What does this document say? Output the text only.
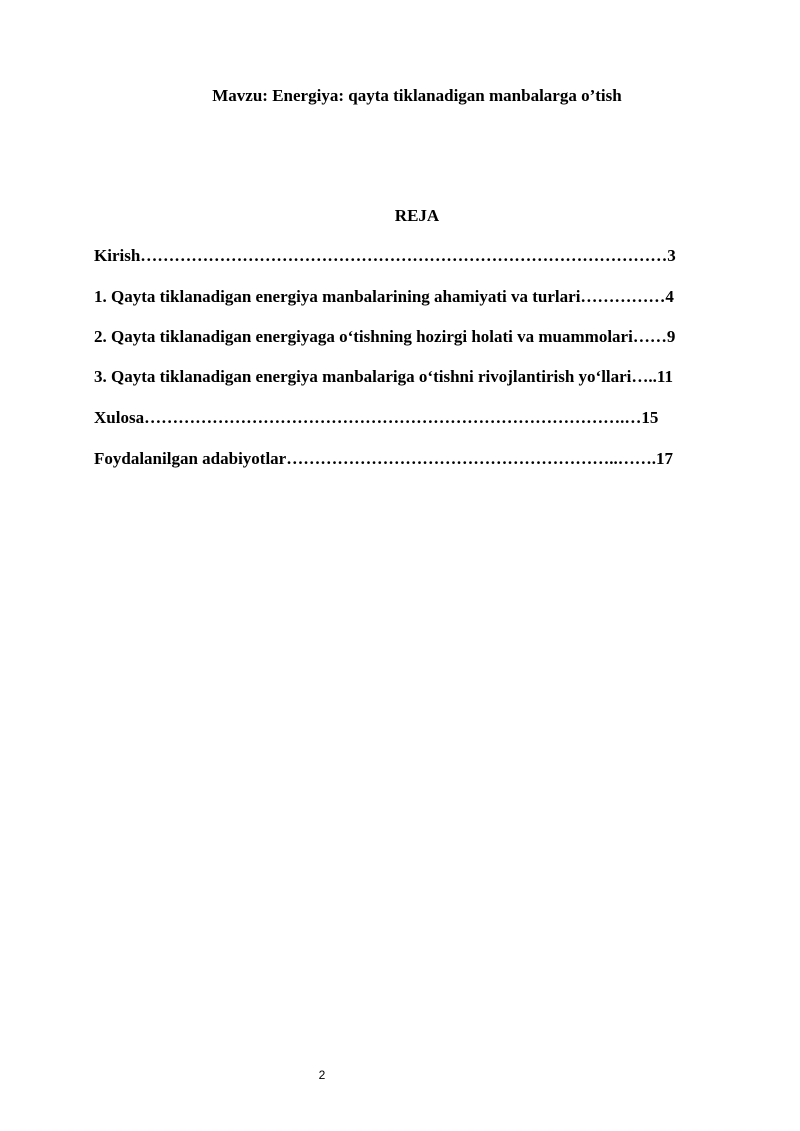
Mavzu: Energiya: qayta tiklanadigan manbalarga o’tish
REJA
Kirish…………………………………………………………………………………3
1. Qayta tiklanadigan energiya manbalarining ahamiyati va turlari……………4
2. Qayta tiklanadigan energiyaga o‘tishning hozirgi holati va muammolari……9
3. Qayta tiklanadigan energiya manbalariga o‘tishni rivojlantirish yo‘llari…..11
Xulosa………………………………………………………………………….…15
Foydalanilgan adabiyotlar…………………………………………………..…….17
2
